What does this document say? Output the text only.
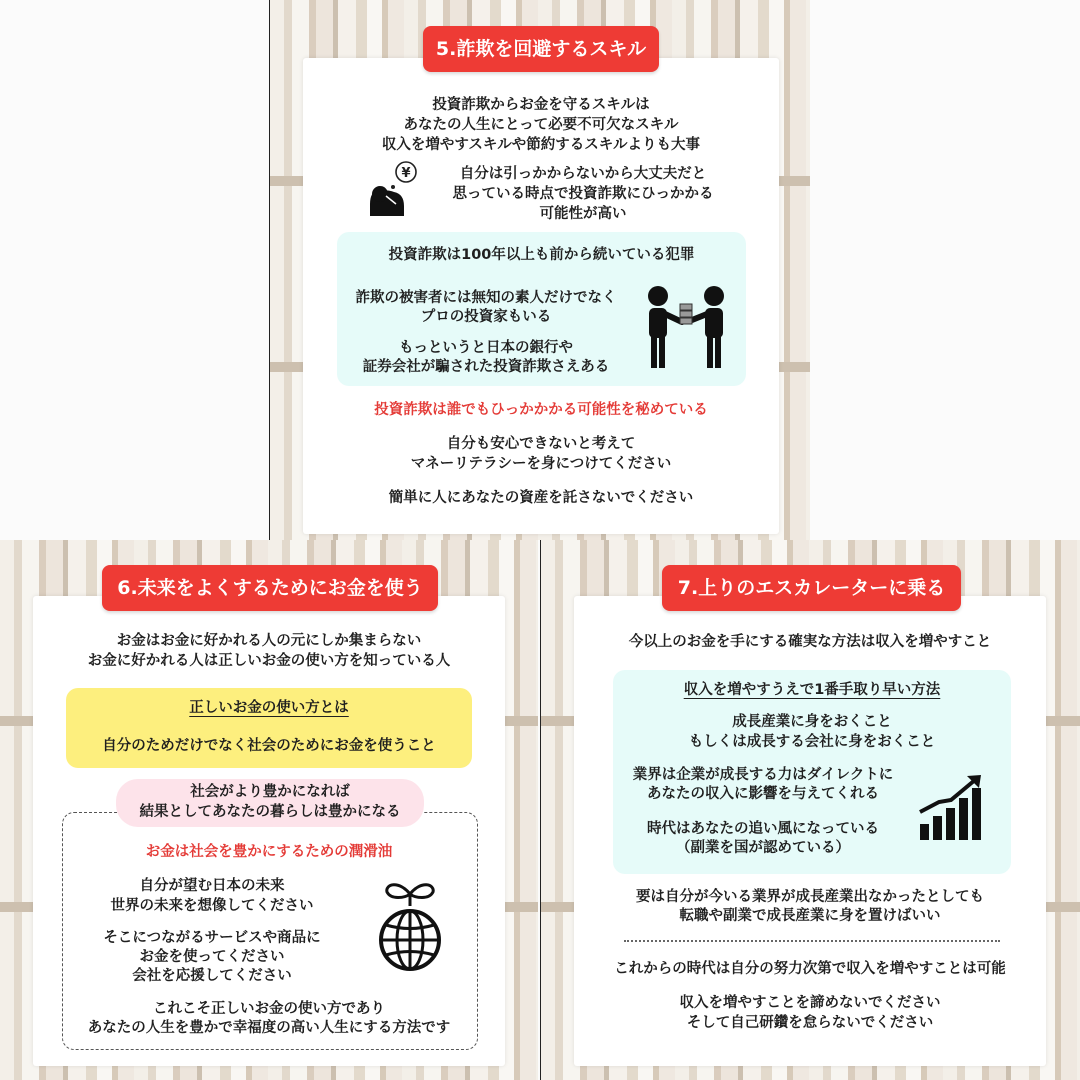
5.詐欺を回避するスキル
投資詐欺からお金を守るスキルは
あなたの人生にとって必要不可欠なスキル
収入を増やすスキルや節約するスキルよりも大事
自分は引っかからないから大丈夫だと
思っている時点で投資詐欺にひっかかる
可能性が高い
¥
投資詐欺は100年以上も前から続いている犯罪
詐欺の被害者には無知の素人だけでなく
プロの投資家もいる
もっというと日本の銀行や
証券会社が騙された投資詐欺さえある
投資詐欺は誰でもひっかかかる可能性を秘めている
自分も安心できないと考えて
マネーリテラシーを身につけてください
簡単に人にあなたの資産を託さないでください
6.未来をよくするためにお金を使う
お金はお金に好かれる人の元にしか集まらない
お金に好かれる人は正しいお金の使い方を知っている人
正しいお金の使い方とは
自分のためだけでなく社会のためにお金を使うこと
社会がより豊かになれば
結果としてあなたの暮らしは豊かになる
お金は社会を豊かにするための潤滑油
自分が望む日本の未来
世界の未来を想像してください
そこにつながるサービスや商品に
お金を使ってください
会社を応援してください
これこそ正しいお金の使い方であり
あなたの人生を豊かで幸福度の高い人生にする方法です
7.上りのエスカレーターに乗る
今以上のお金を手にする確実な方法は収入を増やすこと
収入を増やすうえで1番手取り早い方法
成長産業に身をおくこと
もしくは成長する会社に身をおくこと
業界は企業が成長する力はダイレクトに
あなたの収入に影響を与えてくれる
時代はあなたの追い風になっている
（副業を国が認めている）
要は自分が今いる業界が成長産業出なかったとしても
転職や副業で成長産業に身を置けばいい
これからの時代は自分の努力次第で収入を増やすことは可能
収入を増やすことを諦めないでください
そして自己研鑽を怠らないでください
